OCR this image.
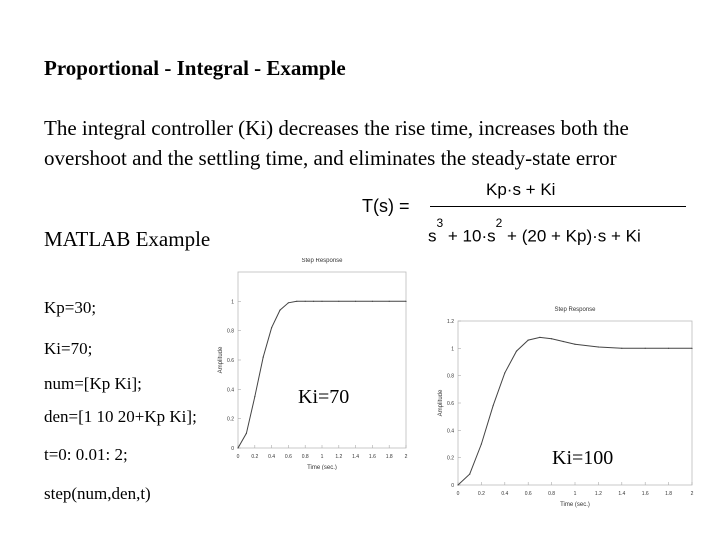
Proportional - Integral - Example
The integral controller (Ki) decreases the rise time, increases both the overshoot and the settling time, and eliminates the steady-state error
MATLAB Example
Kp=30;
Ki=70;
num=[Kp Ki];
den=[1 10 20+Kp Ki];
t=0: 0.01: 2;
step(num,den,t)
T(s) =
Kp·s + Ki
$s^3 + 10\cdot s^2 + (20 + Kp)\cdot s + Ki$
Step Response
Time (sec.)
Amplitude
0 0.2 0.4 0.6 0.8 1 1.2 1.4 1.6 1.8 2
0
0.2
0.4
0.6
0.8
1
Step Response
Time (sec.)
Amplitude
0	0.2	0.4	0.6	0.8	1	1.2	1.4	1.6	1.8	2
0
0.2
0.4
0.6
0.8
1
1.2
Ki=70
Ki=100
